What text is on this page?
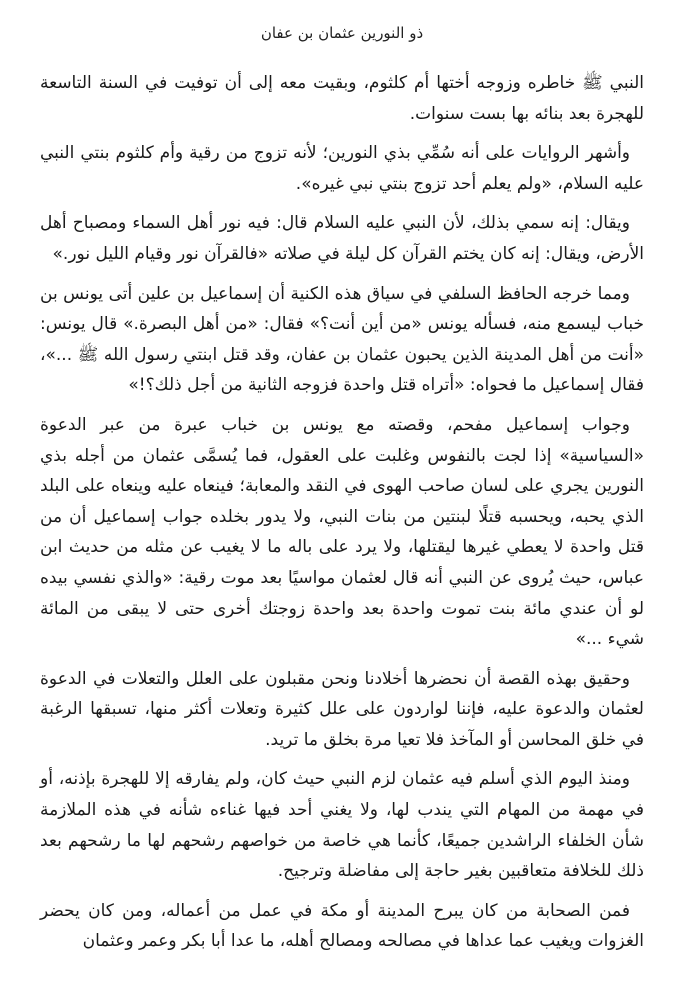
ذو النورين عثمان بن عفان

النبي ﷺ خاطره وزوجه أختها أم كلثوم، وبقيت معه إلى أن توفيت في السنة التاسعة للهجرة بعد بنائه بها بست سنوات.

وأشهر الروايات على أنه سُمِّي بذي النورين؛ لأنه تزوج من رقية وأم كلثوم بنتي النبي عليه السلام، «ولم يعلم أحد تزوج بنتي نبي غيره».

ويقال: إنه سمي بذلك، لأن النبي عليه السلام قال: فيه نور أهل السماء ومصباح أهل الأرض، ويقال: إنه كان يختم القرآن كل ليلة في صلاته «فالقرآن نور وقيام الليل نور.»

ومما خرجه الحافظ السلفي في سياق هذه الكنية أن إسماعيل بن علين أتى يونس بن خباب ليسمع منه، فسأله يونس «من أين أنت؟» فقال: «من أهل البصرة.» قال يونس: «أنت من أهل المدينة الذين يحبون عثمان بن عفان، وقد قتل ابنتي رسول الله ﷺ ...»، فقال إسماعيل ما فحواه: «أتراه قتل واحدة فزوجه الثانية من أجل ذلك؟!»

وجواب إسماعيل مفحم، وقصته مع يونس بن خباب عبرة من عبر الدعوة «السياسية» إذا لجت بالنفوس وغلبت على العقول، فما يُسمَّى عثمان من أجله بذي النورين يجري على لسان صاحب الهوى في النقد والمعابة؛ فينعاه عليه وينعاه على البلد الذي يحبه، ويحسبه قتلًا لبنتين من بنات النبي، ولا يدور بخلده جواب إسماعيل أن من قتل واحدة لا يعطي غيرها ليقتلها، ولا يرد على باله ما لا يغيب عن مثله من حديث ابن عباس، حيث يُروى عن النبي أنه قال لعثمان مواسيًا بعد موت رقية: «والذي نفسي بيده لو أن عندي مائة بنت تموت واحدة بعد واحدة زوجتك أخرى حتى لا يبقى من المائة شيء ...»

وحقيق بهذه القصة أن نحضرها أخلادنا ونحن مقبلون على العلل والتعلات في الدعوة لعثمان والدعوة عليه، فإننا لواردون على علل كثيرة وتعلات أكثر منها، تسبقها الرغبة في خلق المحاسن أو المآخذ فلا تعيا مرة بخلق ما تريد.

ومنذ اليوم الذي أسلم فيه عثمان لزم النبي حيث كان، ولم يفارقه إلا للهجرة بإذنه، أو في مهمة من المهام التي يندب لها، ولا يغني أحد فيها غناءه شأنه في هذه الملازمة شأن الخلفاء الراشدين جميعًا، كأنما هي خاصة من خواصهم رشحهم لها ما رشحهم بعد ذلك للخلافة متعاقبين بغير حاجة إلى مفاضلة وترجيح.

فمن الصحابة من كان يبرح المدينة أو مكة في عمل من أعماله، ومن كان يحضر الغزوات ويغيب عما عداها في مصالحه ومصالح أهله، ما عدا أبا بكر وعمر وعثمان
